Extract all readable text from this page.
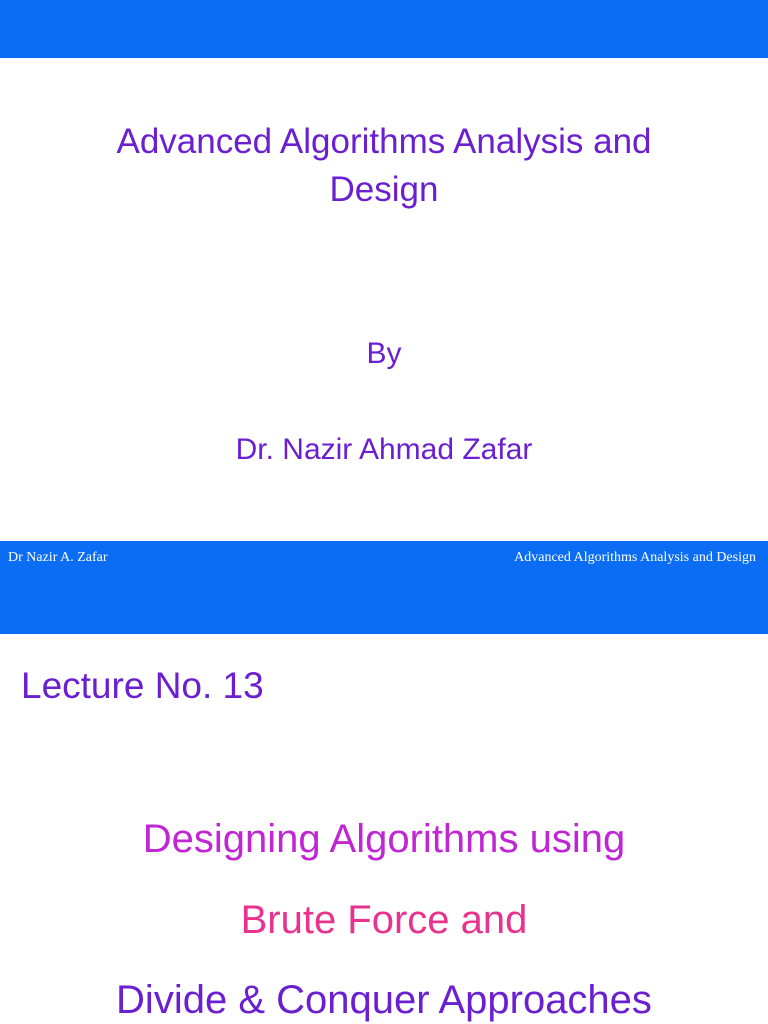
Advanced Algorithms Analysis and
Design
By
Dr. Nazir Ahmad Zafar
Dr Nazir A. Zafar	Advanced Algorithms Analysis and Design
Lecture No. 13
Designing Algorithms using
Brute Force and
Divide & Conquer Approaches
